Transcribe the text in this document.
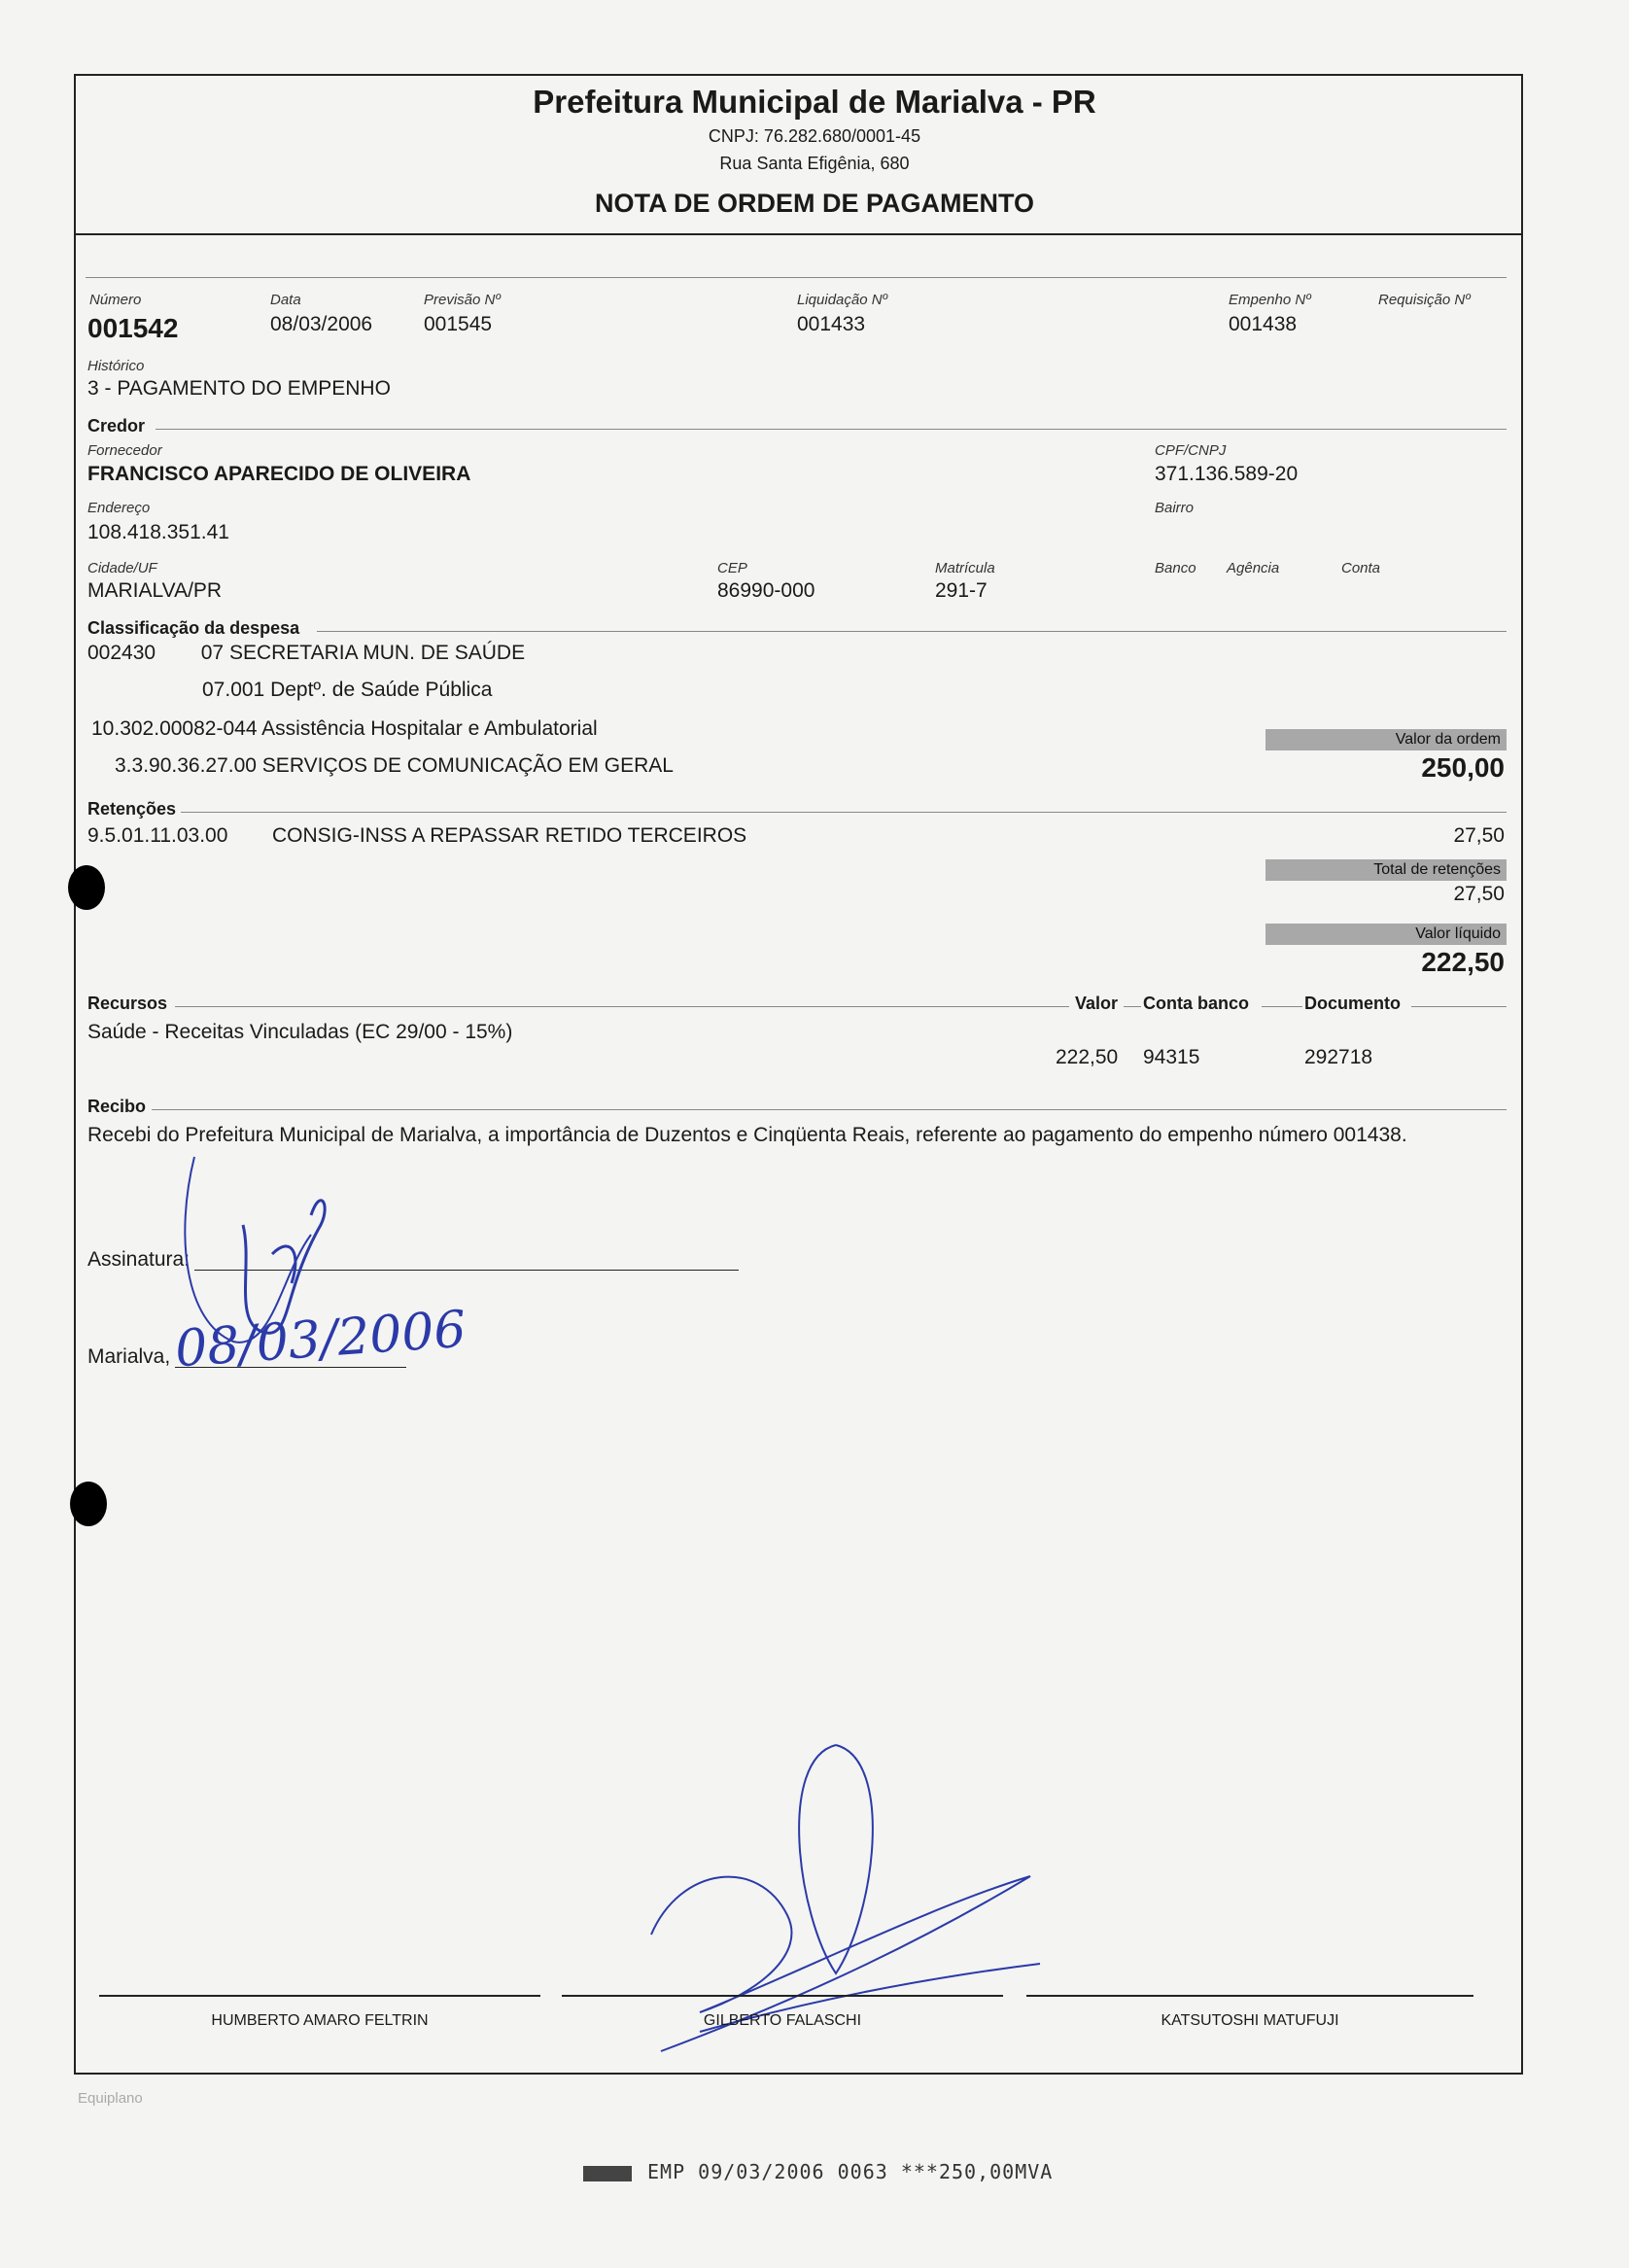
Prefeitura Municipal de Marialva - PR
CNPJ: 76.282.680/0001-45
Rua Santa Efigênia, 680
NOTA DE ORDEM DE PAGAMENTO
Número
001542
Data
08/03/2006
Previsão Nº
001545
Liquidação Nº
001433
Empenho Nº
001438
Requisição Nº
Histórico
3 - PAGAMENTO DO EMPENHO
Credor
Fornecedor
FRANCISCO APARECIDO DE OLIVEIRA
CPF/CNPJ
371.136.589-20
Endereço
108.418.351.41
Bairro
Cidade/UF
MARIALVA/PR
CEP
86990-000
Matrícula
291-7
Banco Agência	Conta
Classificação da despesa
002430        07 SECRETARIA MUN. DE SAÚDE
07.001 Deptº. de Saúde Pública
10.302.00082-044 Assistência Hospitalar e Ambulatorial
3.3.90.36.27.00 SERVIÇOS DE COMUNICAÇÃO EM GERAL
Valor da ordem
250,00
Retenções
9.5.01.11.03.00 CONSIG-INSS A REPASSAR RETIDO TERCEIROS	27,50
Total de retenções
27,50
Valor líquido
222,50
Recursos	Valor Conta banco	Documento
Saúde - Receitas Vinculadas (EC 29/00 - 15%)
222,50 94315	292718
Recibo
Recebi do Prefeitura Municipal de Marialva, a importância de Duzentos e Cinqüenta Reais, referente ao pagamento do empenho número 001438.
Assinatura:
Marialva, 08/03/2006
HUMBERTO AMARO FELTRIN	GILBERTO FALASCHI	KATSUTOSHI MATUFUJI
Equiplano
EMP 09/03/2006 0063 ***250,00MVA
